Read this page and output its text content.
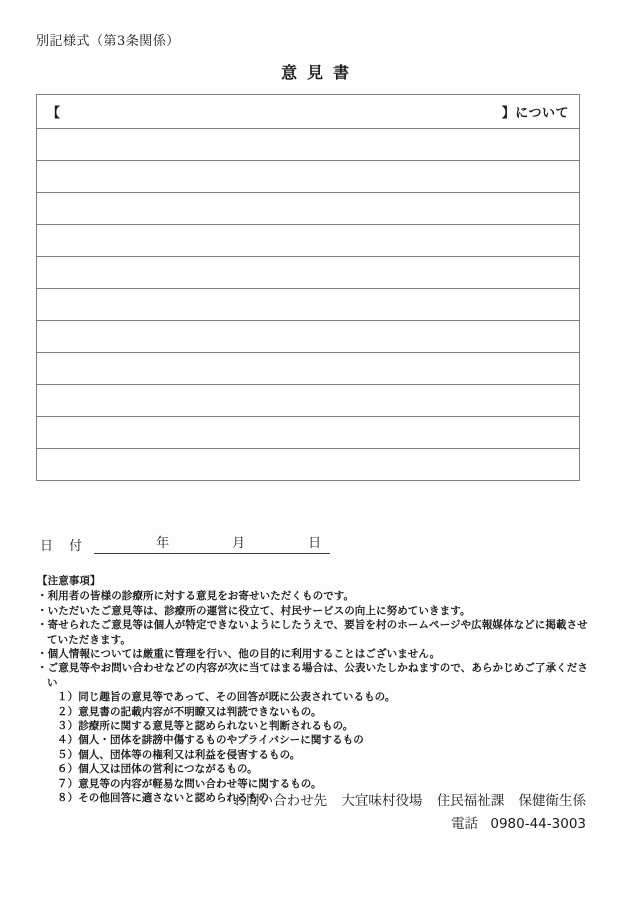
別記様式（第3条関係）
意見書
【	】について

日 付	年	月	日

【注意事項】

・利用者の皆様の診療所に対する意見をお寄せいただくものです。

・いただいたご意見等は、診療所の運営に役立て、村民サービスの向上に努めていきます。

・寄せられたご意見等は個人が特定できないようにしたうえで、要旨を村のホームページや広報媒体などに掲載させていただきます。

・個人情報については厳重に管理を行い、他の目的に利用することはございません。

・ご意見等やお問い合わせなどの内容が次に当てはまる場合は、公表いたしかねますので、あらかじめご了承ください

１）同じ趣旨の意見等であって、その回答が既に公表されているもの。
２）意見書の記載内容が不明瞭又は判読できないもの。
３）診療所に関する意見等と認められないと判断されるもの。
４）個人・団体を誹謗中傷するものやプライバシーに関するもの
５）個人、団体等の権利又は利益を侵害するもの。
６）個人又は団体の営利につながるもの。
７）意見等の内容が軽易な問い合わせ等に関するもの。
８）その他回答に適さないと認められるもの
お問い合わせ先 大宜味村役場 住民福祉課 保健衛生係
電話 0980-44-3003
